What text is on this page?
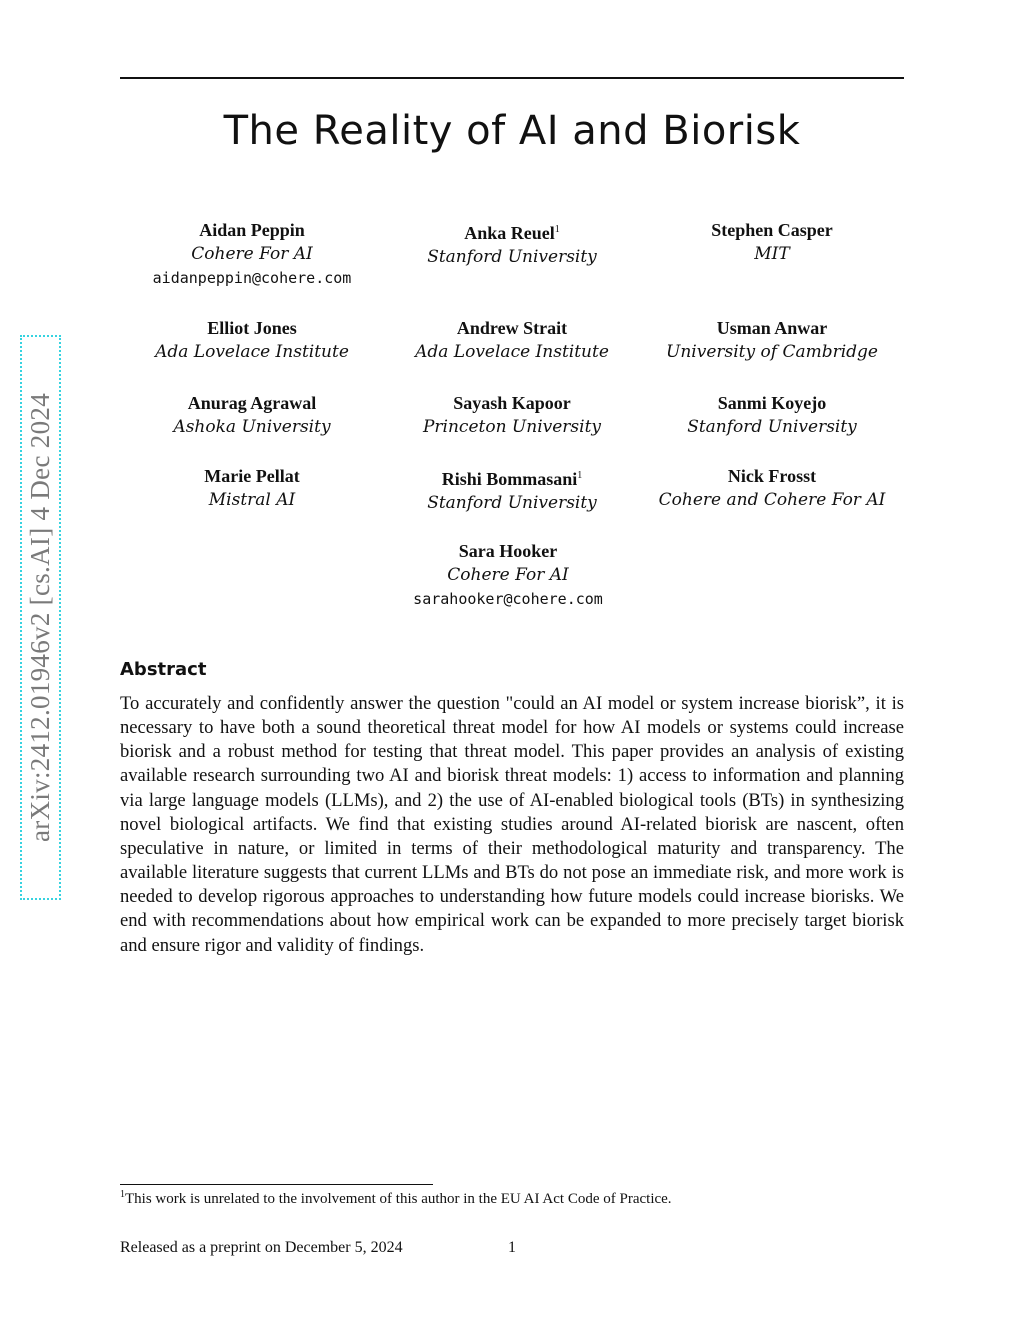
The Reality of AI and Biorisk
arXiv:2412.01946v2 [cs.AI] 4 Dec 2024
Aidan Peppin
Cohere For AI
aidanpeppin@cohere.com
Anka Reuel$^1$
Stanford University
Stephen Casper
MIT
Elliot Jones
Ada Lovelace Institute
Andrew Strait
Ada Lovelace Institute
Usman Anwar
University of Cambridge
Anurag Agrawal
Ashoka University
Sayash Kapoor
Princeton University
Sanmi Koyejo
Stanford University
Marie Pellat
Mistral AI
Rishi Bommasani$^1$
Stanford University
Nick Frosst
Cohere and Cohere For AI
Sara Hooker
Cohere For AI
sarahooker@cohere.com
Abstract

To accurately and confidently answer the question "could an AI model or system increase biorisk”, it is necessary to have both a sound theoretical threat model for how AI models or systems could increase biorisk and a robust method for testing that threat model. This paper provides an analysis of existing available research surrounding two AI and biorisk threat models: 1) access to information and planning via large language models (LLMs), and 2) the use of AI-enabled biological tools (BTs) in synthesizing novel biological artifacts. We find that existing studies around AI-related biorisk are nascent, often speculative in nature, or limited in terms of their methodological maturity and transparency. The available literature suggests that current LLMs and BTs do not pose an immediate risk, and more work is needed to develop rigorous approaches to understanding how future models could increase biorisks. We end with recommendations about how empirical work can be expanded to more precisely target biorisk and ensure rigor and validity of findings.

$^1$This work is unrelated to the involvement of this author in the EU AI Act Code of Practice.
Released as a preprint on December 5, 2024	1
